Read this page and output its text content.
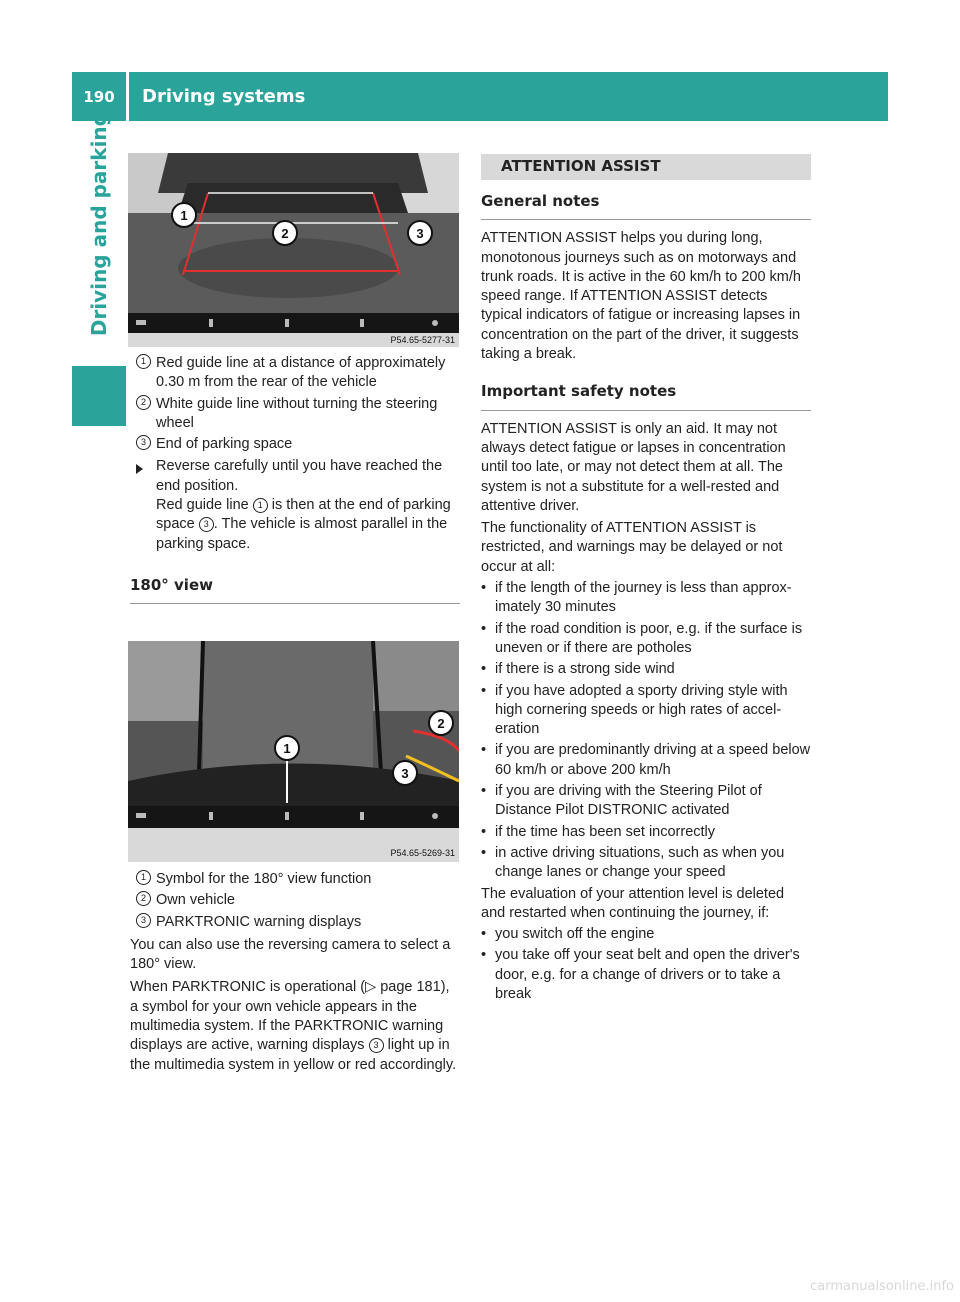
190	Driving systems
Driving and parking	1
2	3
P54.65-5277-31
1 Red guide line at a distance of approximately 0.30 m from the rear of the vehicle

2 White guide line without turning the steering wheel

3 End of parking space

Reverse carefully until you have reached the end position.

Red guide line 1 is then at the end of parking space 3 . The vehicle is almost parallel in the parking space.

180° view
1
2
3
P54.65-5269-31
1 Symbol for the 180° view function

2 Own vehicle

3 PARKTRONIC warning displays

You can also use the reversing camera to select a 180° view.

When PARKTRONIC is operational (▷ page 181), a symbol for your own vehicle appears in the multimedia system. If the PARKTRONIC warning displays are active, warning displays 3 light up in the multimedia system in yellow or red accordingly.

ATTENTION ASSIST
General notes

ATTENTION ASSIST helps you during long, monotonous journeys such as on motorways and trunk roads. It is active in the 60 km/h to 200 km/h speed range. If ATTENTION ASSIST detects typical indicators of fatigue or increasing lapses in concentration on the part of the driver, it suggests taking a break.

Important safety notes

ATTENTION ASSIST is only an aid. It may not always detect fatigue or lapses in concentration until too late, or may not detect them at all. The system is not a substitute for a well-rested and attentive driver.

The functionality of ATTENTION ASSIST is restricted, and warnings may be delayed or not occur at all:

• if the length of the journey is less than approximately 30 minutes

• if the road condition is poor, e.g. if the surface is uneven or if there are potholes

• if there is a strong side wind

• if you have adopted a sporty driving style with high cornering speeds or high rates of acceleration

• if you are predominantly driving at a speed below 60 km/h or above 200 km/h

• if you are driving with the Steering Pilot of Distance Pilot DISTRONIC activated

• if the time has been set incorrectly

• in active driving situations, such as when you change lanes or change your speed

The evaluation of your attention level is deleted and restarted when continuing the journey, if:

• you switch off the engine

• you take off your seat belt and open the driver's door, e.g. for a change of drivers or to take a break

carmanualsonline.info
